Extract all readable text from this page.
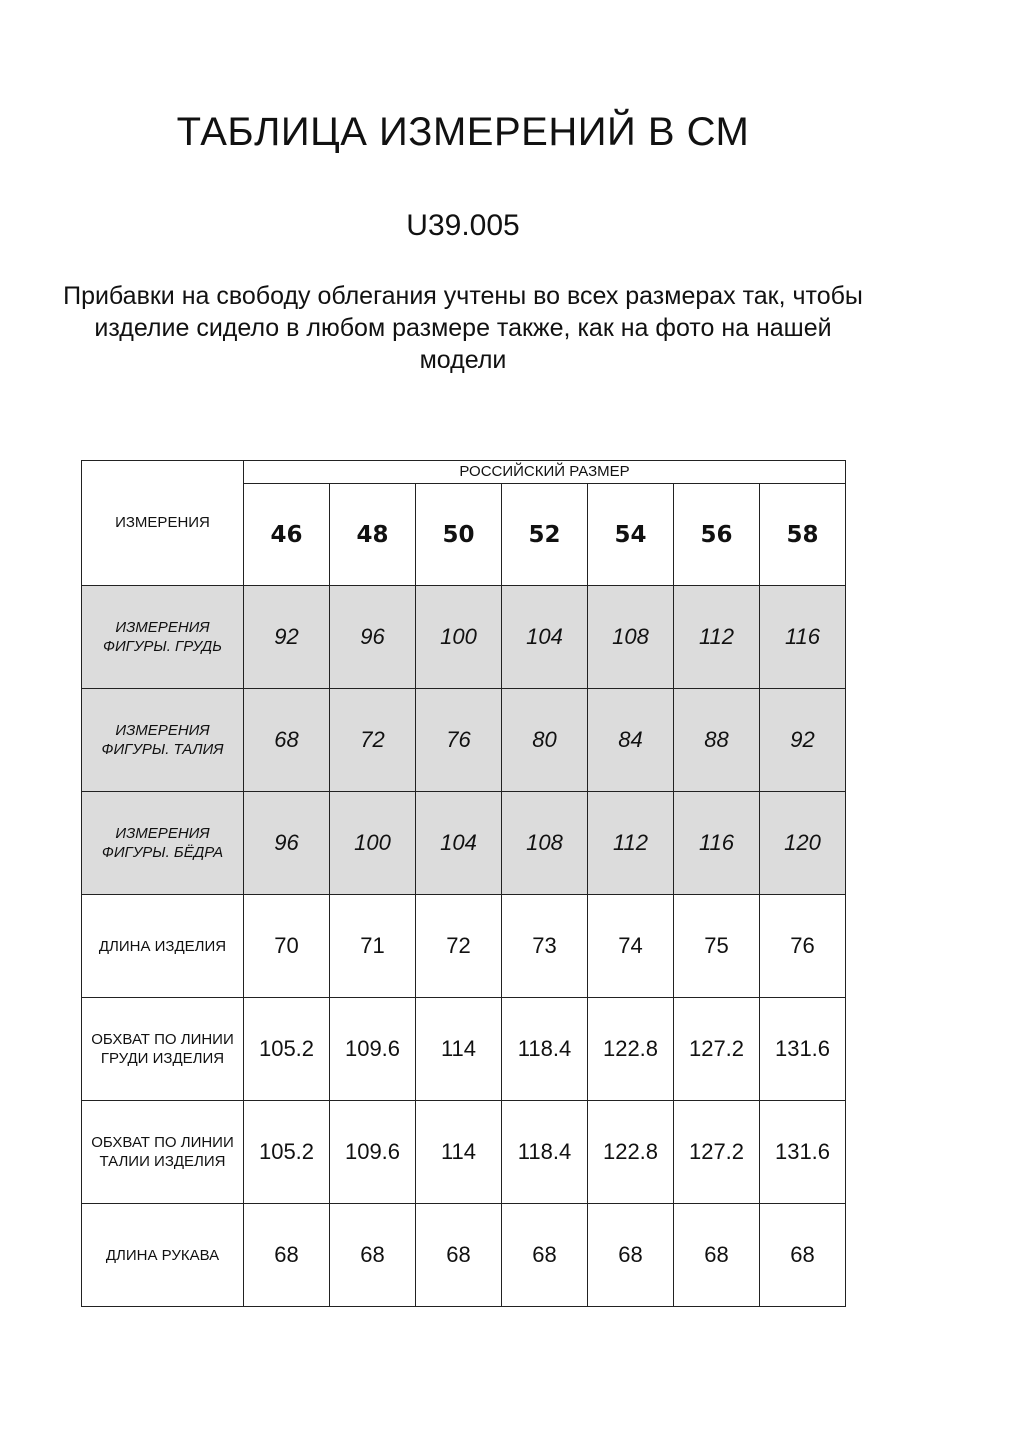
ТАБЛИЦА ИЗМЕРЕНИЙ В СМ
U39.005
Прибавки на свободу облегания учтены во всех размерах так, чтобы изделие сидело в любом размере также, как на фото на нашей модели
ИЗМЕРЕНИЯ	РОССИЙСКИЙ РАЗМЕР						
	46	48	50	52	54	56	58
ИЗМЕРЕНИЯ ФИГУРЫ. ГРУДЬ	92	96	100	104	108	112	116
ИЗМЕРЕНИЯ ФИГУРЫ. ТАЛИЯ	68	72	76	80	84	88	92
ИЗМЕРЕНИЯ ФИГУРЫ. БЁДРА	96	100	104	108	112	116	120
ДЛИНА ИЗДЕЛИЯ	70	71	72	73	74	75	76
ОБХВАТ ПО ЛИНИИ ГРУДИ ИЗДЕЛИЯ	105.2	109.6	114	118.4	122.8	127.2	131.6
ОБХВАТ ПО ЛИНИИ ТАЛИИ ИЗДЕЛИЯ	105.2	109.6	114	118.4	122.8	127.2	131.6
ДЛИНА РУКАВА	68	68	68	68	68	68	68
